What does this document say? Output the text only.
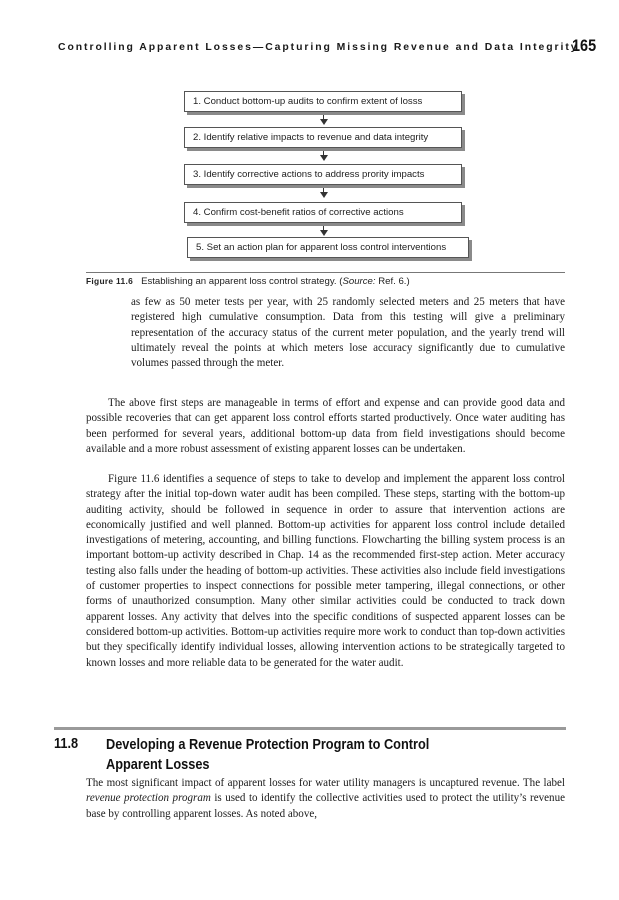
Controlling Apparent Losses—Capturing Missing Revenue and Data Integrity
165
1. Conduct bottom-up audits to confirm extent of losss
2. Identify relative impacts to revenue and data integrity
3. Identify corrective actions to address prority impacts
4. Confirm cost-benefit ratios of corrective actions
5. Set an action plan for apparent loss control interventions
Figure 11.6 Establishing an apparent loss control strategy. (Source: Ref. 6.)

as few as 50 meter tests per year, with 25 randomly selected meters and 25 meters that have registered high cumulative consumption. Data from this testing will give a preliminary representation of the accuracy status of the current meter population, and the yearly trend will ultimately reveal the points at which meters lose accuracy significantly due to cumulative volumes passed through the meter.

The above first steps are manageable in terms of effort and expense and can provide good data and possible recoveries that can get apparent loss control efforts started productively. Once water auditing has been performed for several years, additional bottom-up data from field investigations should become available and a more robust assessment of existing apparent losses can be undertaken.

Figure 11.6 identifies a sequence of steps to take to develop and implement the apparent loss control strategy after the initial top-down water audit has been compiled. These steps, starting with the bottom-up auditing activity, should be followed in sequence in order to assure that intervention actions are economically justified and well planned. Bottom-up activities for apparent loss control include detailed investigations of metering, accounting, and billing functions. Flowcharting the billing system process is an important bottom-up activity described in Chap. 14 as the recommended first-step action. Meter accuracy testing also falls under the heading of bottom-up activities. These activities also include field investigations of customer properties to inspect connections for possible meter tampering, illegal connections, or other forms of unauthorized consumption. Many other similar activities could be conducted to track down apparent losses. Any activity that delves into the specific conditions of suspected apparent losses can be considered bottom-up activities. Bottom-up activities require more work to conduct than top-down activities but they specifically identify individual losses, allowing intervention actions to be strategically targeted to known losses and more reliable data to be generated for the water audit.

11.8 Developing a Revenue Protection Program to Control Apparent Losses

The most significant impact of apparent losses for water utility managers is uncaptured revenue. The label revenue protection program is used to identify the collective activities used to protect the utility’s revenue base by controlling apparent losses. As noted above,
